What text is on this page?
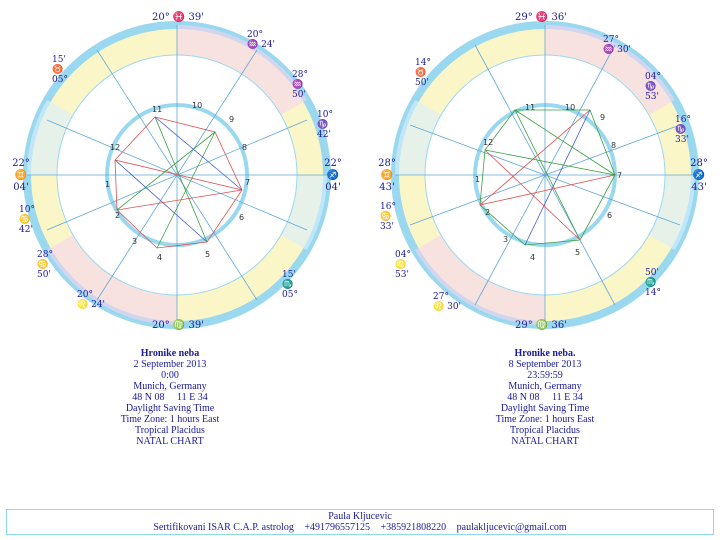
11
12
1
2
3
4	5
6
7
8
9
10
20° ♓ 39'
20° ♍ 39'
22°
♊
04'
22°
♐
04'
20°
♒ 24'
28°
♒
50'
10°
♑
42'
10°
♋
42'
28°
♋
50'
20°
♌ 24'
15'
♉
05°
15'
♏
05°
11
12
1
2
3
4
5
6
7
8
9
10
29° ♓ 36'
29° ♍ 36'
28°
♊
43'
28°
♐
43'
27°
♒ 30'
04°
♑
53'
16°
♑
33'
16°
♋
33'
04°
♌
53'
27°
♌ 30'
14°
♉
50'
50'
♏
14°
Hronike neba
2 September 2013
0:00
Munich, Germany
48 N 08     11 E 34
Daylight Saving Time
Time Zone: 1 hours East
Tropical Placidus
NATAL CHART
Hronike neba.
8 September 2013
23:59:59
Munich, Germany
48 N 08     11 E 34
Daylight Saving Time
Time Zone: 1 hours East
Tropical Placidus
NATAL CHART
Paula Kljucevic
Sertifikovani ISAR C.A.P. astrolog +491796557125 +385921808220 paulakljucevic@gmail.com
